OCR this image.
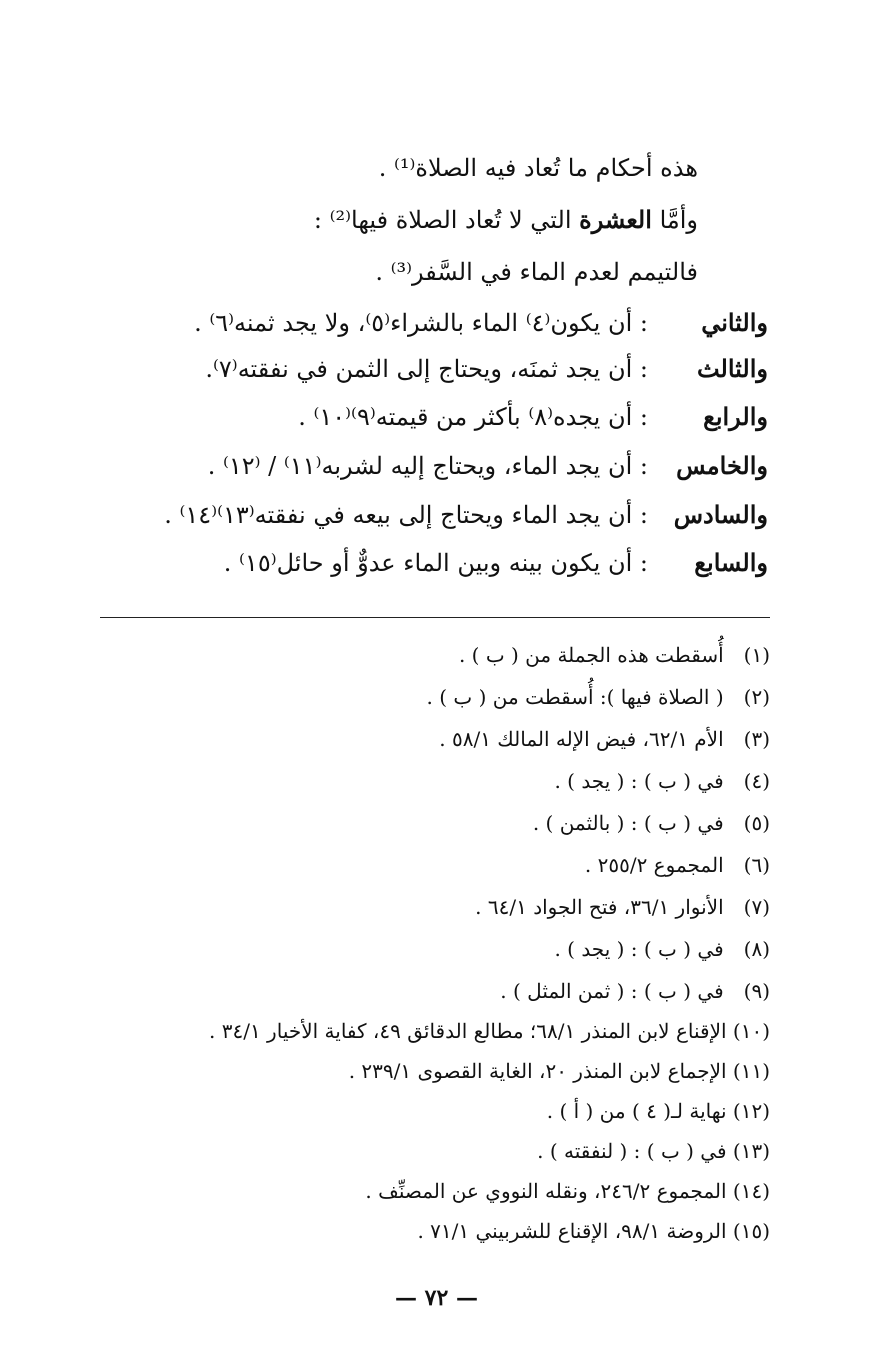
هذه أحكام ما تُعاد فيه الصلاة⁽¹⁾ .
وأمَّا العشرة التي لا تُعاد الصلاة فيها⁽²⁾ :
فالتيمم لعدم الماء في السَّفر⁽³⁾ .
والثاني
: أن يكون⁽٤⁾ الماء بالشراء⁽٥⁾، ولا يجد ثمنه⁽٦⁾ .
والثالث
: أن يجد ثمنَه، ويحتاج إلى الثمن في نفقته⁽٧⁾.
والرابع
: أن يجده⁽٨⁾ بأكثر من قيمته⁽٩⁾⁽١٠⁾ .
والخامس
: أن يجد الماء، ويحتاج إليه لشربه⁽١١⁾ / ⁽١٢⁾ .
والسادس
: أن يجد الماء ويحتاج إلى بيعه في نفقته⁽١٣⁾⁽١٤⁾ .
والسابع
: أن يكون بينه وبين الماء عدوٌّ أو حائل⁽١٥⁾ .
(١) أُسقطت هذه الجملة من ( ب ) .
(٢) ( الصلاة فيها ): أُسقطت من ( ب ) .
(٣) الأم ٦٢/١، فيض الإله المالك ٥٨/١ .
(٤) في ( ب ) : ( يجد ) .
(٥) في ( ب ) : ( بالثمن ) .
(٦) المجموع ٢٥٥/٢ .
(٧) الأنوار ٣٦/١، فتح الجواد ٦٤/١ .
(٨) في ( ب ) : ( يجد ) .
(٩) في ( ب ) : ( ثمن المثل ) .
(١٠) الإقناع لابن المنذر ٦٨/١؛ مطالع الدقائق ٤٩، كفاية الأخيار ٣٤/١ .
(١١) الإجماع لابن المنذر ٢٠، الغاية القصوى ٢٣٩/١ .
(١٢) نهاية لـ( ٤ ) من ( أ ) .
(١٣) في ( ب ) : ( لنفقته ) .
(١٤) المجموع ٢٤٦/٢، ونقله النووي عن المصنِّف .
(١٥) الروضة ٩٨/١، الإقناع للشربيني ٧١/١ .
— ٧٢ —
